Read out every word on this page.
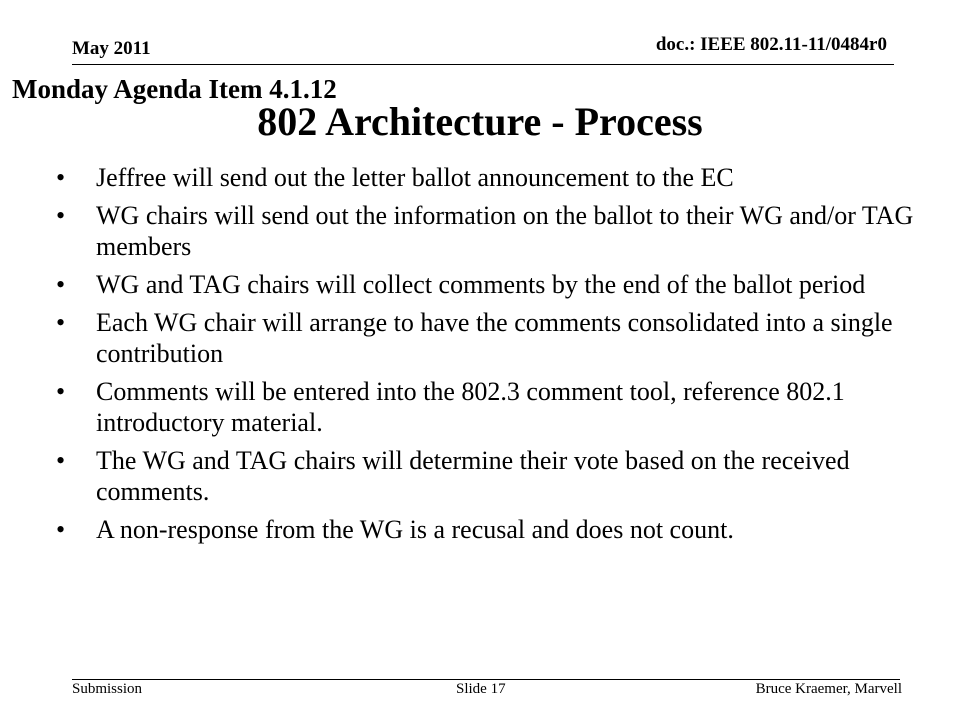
May 2011	doc.: IEEE 802.11-11/0484r0
Monday Agenda Item 4.1.12
802 Architecture - Process
• Jeffree will send out the letter ballot announcement to the EC
• WG chairs will send out the information on the ballot to their WG and/or TAG members
• WG and TAG chairs will collect comments by the end of the ballot period
• Each WG chair will arrange to have the comments consolidated into a single contribution
• Comments will be entered into the 802.3 comment tool, reference 802.1 introductory material.
• The WG and TAG chairs will determine their vote based on the received comments.
• A non-response from the WG is a recusal and does not count.
Submission	Slide 17	Bruce Kraemer, Marvell
